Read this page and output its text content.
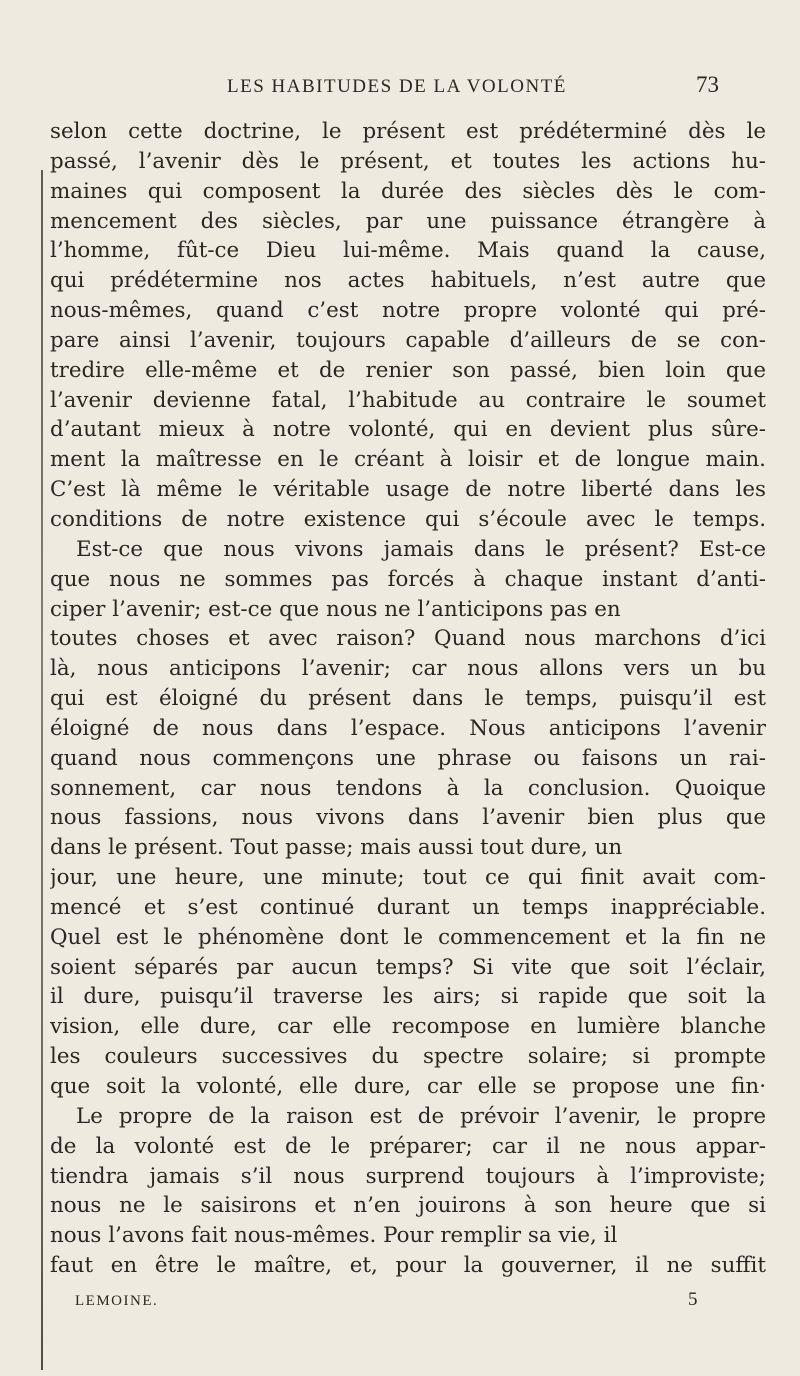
LES HABITUDES DE LA VOLONTÉ	73
selon cette doctrine, le présent est prédéterminé dès le
passé, l’avenir dès le présent, et toutes les actions hu-
maines qui composent la durée des siècles dès le com-
mencement des siècles, par une puissance étrangère à
l’homme, fût-ce Dieu lui-même. Mais quand la cause,
qui prédétermine nos actes habituels, n’est autre que
nous-mêmes, quand c’est notre propre volonté qui pré-
pare ainsi l’avenir, toujours capable d’ailleurs de se con-
tredire elle-même et de renier son passé, bien loin que
l’avenir devienne fatal, l’habitude au contraire le soumet
d’autant mieux à notre volonté, qui en devient plus sûre-
ment la maîtresse en le créant à loisir et de longue main.
C’est là même le véritable usage de notre liberté dans les
conditions de notre existence qui s’écoule avec le temps.
Est-ce que nous vivons jamais dans le présent? Est-ce
que nous ne sommes pas forcés à chaque instant d’anti-
ciper l’avenir; est-ce que nous ne l’anticipons pas en
toutes choses et avec raison? Quand nous marchons d’ici
là, nous anticipons l’avenir; car nous allons vers un bu
qui est éloigné du présent dans le temps, puisqu’il est
éloigné de nous dans l’espace. Nous anticipons l’avenir
quand nous commençons une phrase ou faisons un rai-
sonnement, car nous tendons à la conclusion. Quoique
nous fassions, nous vivons dans l’avenir bien plus que
dans le présent. Tout passe; mais aussi tout dure, un
jour, une heure, une minute; tout ce qui finit avait com-
mencé et s’est continué durant un temps inappréciable.
Quel est le phénomène dont le commencement et la fin ne
soient séparés par aucun temps? Si vite que soit l’éclair,
il dure, puisqu’il traverse les airs; si rapide que soit la
vision, elle dure, car elle recompose en lumière blanche
les couleurs successives du spectre solaire; si prompte
que soit la volonté, elle dure, car elle se propose une fin·
Le propre de la raison est de prévoir l’avenir, le propre
de la volonté est de le préparer; car il ne nous appar-
tiendra jamais s’il nous surprend toujours à l’improviste;
nous ne le saisirons et n’en jouirons à son heure que si
nous l’avons fait nous-mêmes. Pour remplir sa vie, il
faut en être le maître, et, pour la gouverner, il ne suffit
LEMOINE.	5
